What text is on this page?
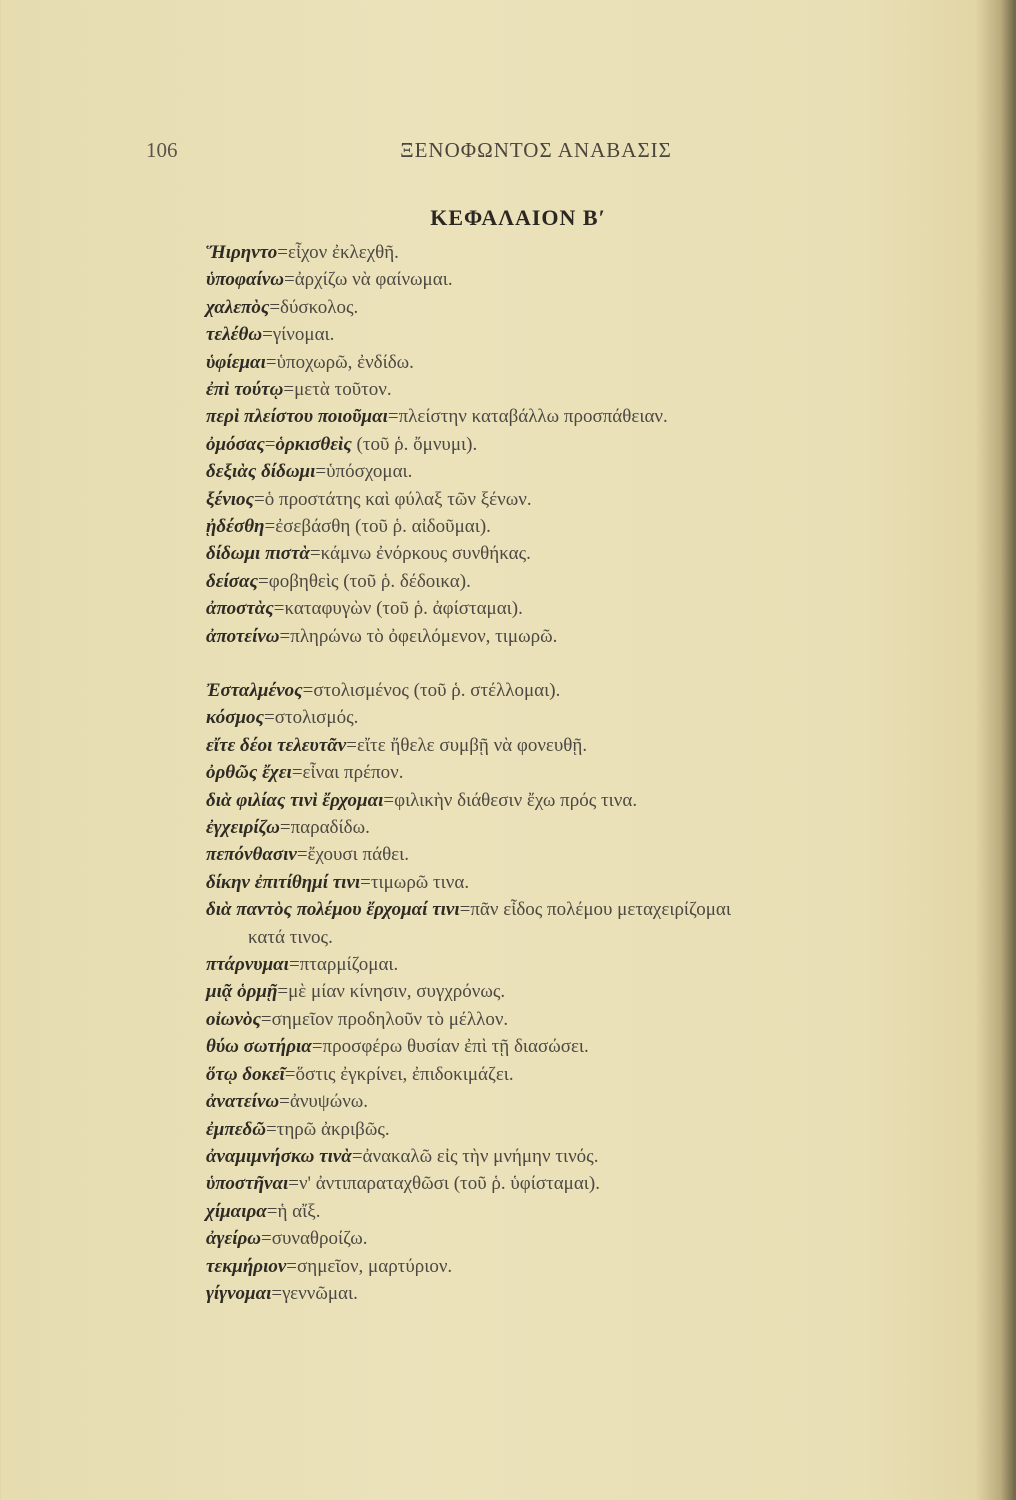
106	ΞΕΝΟΦΩΝΤΟΣ ΑΝΑΒΑΣΙΣ
ΚΕΦΑΛΑΙΟΝ Β′
Ἥιρηντο=εἶχον ἐκλεχθῆ.
ὑποφαίνω=ἀρχίζω νὰ φαίνωμαι.
χαλεπὸς=δύσκολος.
τελέθω=γίνομαι.
ὑφίεμαι=ὑποχωρῶ, ἐνδίδω.
ἐπὶ τούτῳ=μετὰ τοῦτον.
περὶ πλείστου ποιοῦμαι=πλείστην καταβάλλω προσπάθειαν.
ὀμόσας=ὁρκισθεὶς (τοῦ ῥ. ὄμνυμι).
δεξιὰς δίδωμι=ὑπόσχομαι.
ξένιος=ὁ προστάτης καὶ φύλαξ τῶν ξένων.
ᾐδέσθη=ἐσεβάσθη (τοῦ ῥ. αἰδοῦμαι).
δίδωμι πιστὰ=κάμνω ἐνόρκους συνθήκας.
δείσας=φοβηθεὶς (τοῦ ῥ. δέδοικα).
ἀποστὰς=καταφυγὼν (τοῦ ῥ. ἀφίσταμαι).
ἀποτείνω=πληρώνω τὸ ὀφειλόμενον, τιμωρῶ.
Ἐσταλμένος=στολισμένος (τοῦ ῥ. στέλλομαι).
κόσμος=στολισμός.
εἴτε δέοι τελευτᾶν=εἴτε ἤθελε συμβῇ νὰ φονευθῇ.
ὀρθῶς ἔχει=εἶναι πρέπον.
διὰ φιλίας τινὶ ἔρχομαι=φιλικὴν διάθεσιν ἔχω πρός τινα.
ἐγχειρίζω=παραδίδω.
πεπόνθασιν=ἔχουσι πάθει.
δίκην ἐπιτίθημί τινι=τιμωρῶ τινα.
διὰ παντὸς πολέμου ἔρχομαί τινι=πᾶν εἶδος πολέμου μεταχειρίζομαι
κατά τινος.
πτάρνυμαι=πταρμίζομαι.
μιᾷ ὁρμῇ=μὲ μίαν κίνησιν, συγχρόνως.
οἰωνὸς=σημεῖον προδηλοῦν τὸ μέλλον.
θύω σωτήρια=προσφέρω θυσίαν ἐπὶ τῇ διασώσει.
ὅτῳ δοκεῖ=ὅστις ἐγκρίνει, ἐπιδοκιμάζει.
ἀνατείνω=ἀνυψώνω.
ἐμπεδῶ=τηρῶ ἀκριβῶς.
ἀναμιμνήσκω τινὰ=ἀνακαλῶ εἰς τὴν μνήμην τινός.
ὑποστῆναι=ν' ἀντιπαραταχθῶσι (τοῦ ῥ. ὑφίσταμαι).
χίμαιρα=ἡ αἴξ.
ἀγείρω=συναθροίζω.
τεκμήριον=σημεῖον, μαρτύριον.
γίγνομαι=γεννῶμαι.
